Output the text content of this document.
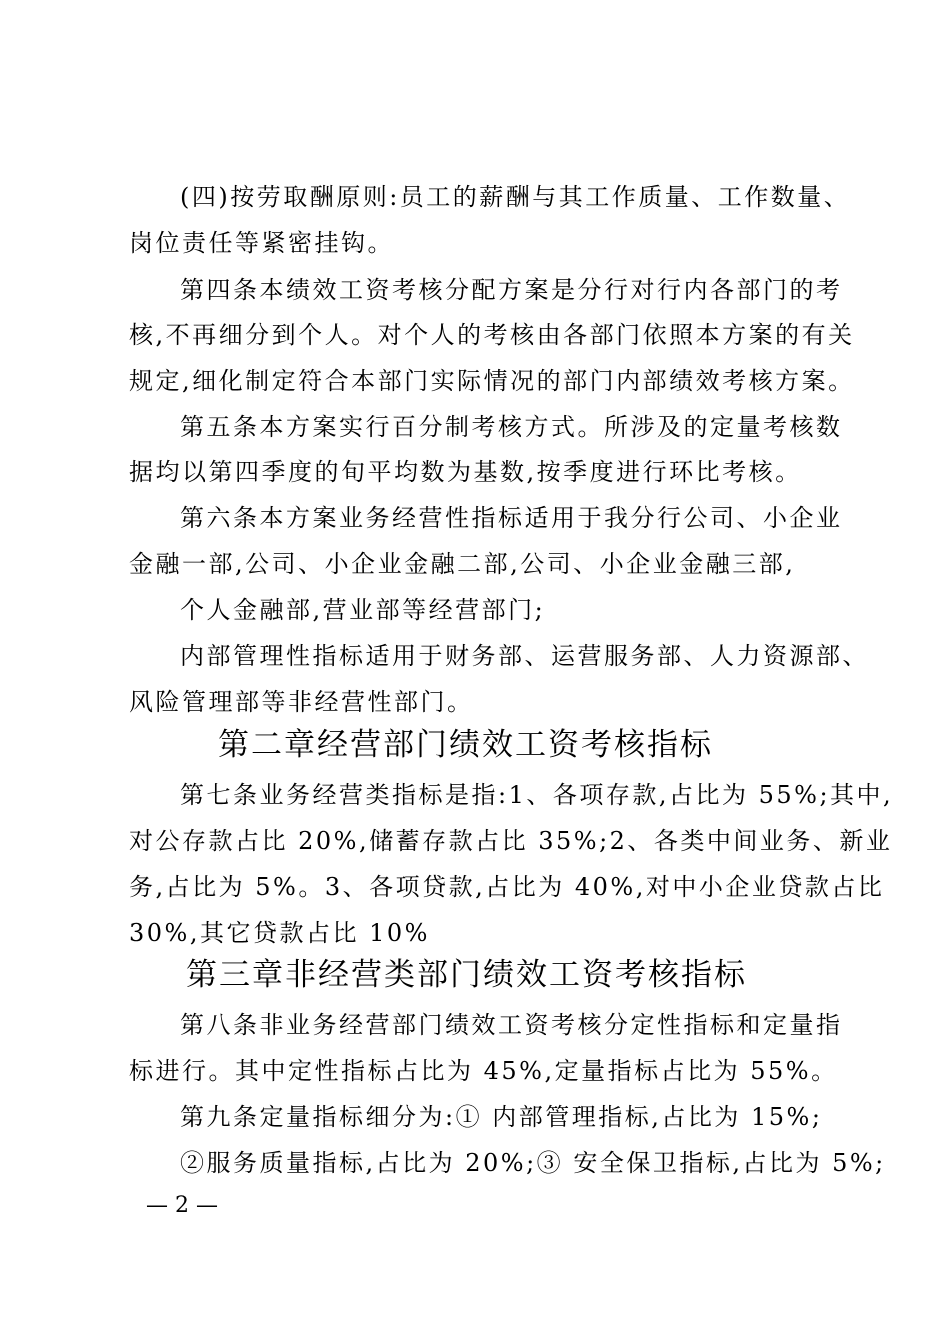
(四)按劳取酬原则:员工的薪酬与其工作质量、工作数量、
岗位责任等紧密挂钩。
第四条本绩效工资考核分配方案是分行对行内各部门的考
核,不再细分到个人。对个人的考核由各部门依照本方案的有关
规定,细化制定符合本部门实际情况的部门内部绩效考核方案。
第五条本方案实行百分制考核方式。所涉及的定量考核数
据均以第四季度的旬平均数为基数,按季度进行环比考核。
第六条本方案业务经营性指标适用于我分行公司、小企业
金融一部,公司、小企业金融二部,公司、小企业金融三部,
个人金融部,营业部等经营部门;
内部管理性指标适用于财务部、运营服务部、人力资源部、
风险管理部等非经营性部门。
第二章经营部门绩效工资考核指标
第七条业务经营类指标是指:1、各项存款,占比为 55%;其中,
对公存款占比 20%,储蓄存款占比 35%;2、各类中间业务、新业
务,占比为 5%。3、各项贷款,占比为 40%,对中小企业贷款占比
30%,其它贷款占比 10%
第三章非经营类部门绩效工资考核指标
第八条非业务经营部门绩效工资考核分定性指标和定量指
标进行。其中定性指标占比为 45%,定量指标占比为 55%。
第九条定量指标细分为:① 内部管理指标,占比为 15%;
②服务质量指标,占比为 20%;③ 安全保卫指标,占比为 5%;
— 2 —
